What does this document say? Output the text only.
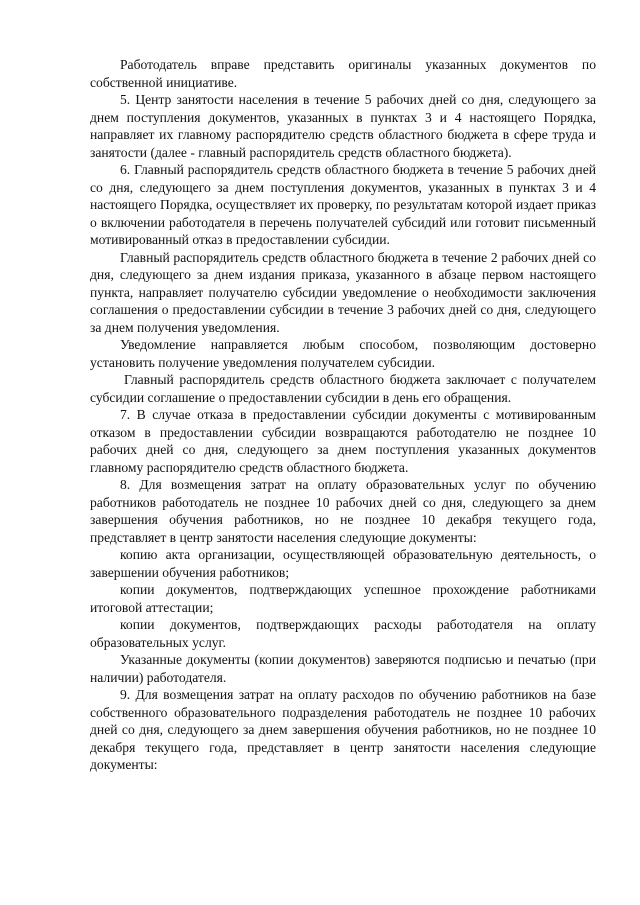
Работодатель вправе представить оригиналы указанных документов по собственной инициативе.

5. Центр занятости населения в течение 5 рабочих дней со дня, следующего за днем поступления документов, указанных в пунктах 3 и 4 настоящего Порядка, направляет их главному распорядителю средств областного бюджета в сфере труда и занятости (далее - главный распорядитель средств областного бюджета).

6. Главный распорядитель средств областного бюджета в течение 5 рабочих дней со дня, следующего за днем поступления документов, указанных в пунктах 3 и 4 настоящего Порядка, осуществляет их проверку, по результатам которой издает приказ о включении работодателя в перечень получателей субсидий или готовит письменный мотивированный отказ в предоставлении субсидии.

Главный распорядитель средств областного бюджета в течение 2 рабочих дней со дня, следующего за днем издания приказа, указанного в абзаце первом настоящего пункта, направляет получателю субсидии уведомление о необходимости заключения соглашения о предоставлении субсидии в течение 3 рабочих дней со дня, следующего за днем получения уведомления.

Уведомление направляется любым способом, позволяющим достоверно установить получение уведомления получателем субсидии.

Главный распорядитель средств областного бюджета заключает с получателем субсидии соглашение о предоставлении субсидии в день его обращения.

7. В случае отказа в предоставлении субсидии документы с мотивированным отказом в предоставлении субсидии возвращаются работодателю не позднее 10 рабочих дней со дня, следующего за днем поступления указанных документов главному распорядителю средств областного бюджета.

8. Для возмещения затрат на оплату образовательных услуг по обучению работников работодатель не позднее 10 рабочих дней со дня, следующего за днем завершения обучения работников, но не позднее 10 декабря текущего года, представляет в центр занятости населения следующие документы:

копию акта организации, осуществляющей образовательную деятельность, о завершении обучения работников;

копии документов, подтверждающих успешное прохождение работниками итоговой аттестации;

копии документов, подтверждающих расходы работодателя на оплату образовательных услуг.

Указанные документы (копии документов) заверяются подписью и печатью (при наличии) работодателя.

9. Для возмещения затрат на оплату расходов по обучению работников на базе собственного образовательного подразделения работодатель не позднее 10 рабочих дней со дня, следующего за днем завершения обучения работников, но не позднее 10 декабря текущего года, представляет в центр занятости населения следующие документы:
